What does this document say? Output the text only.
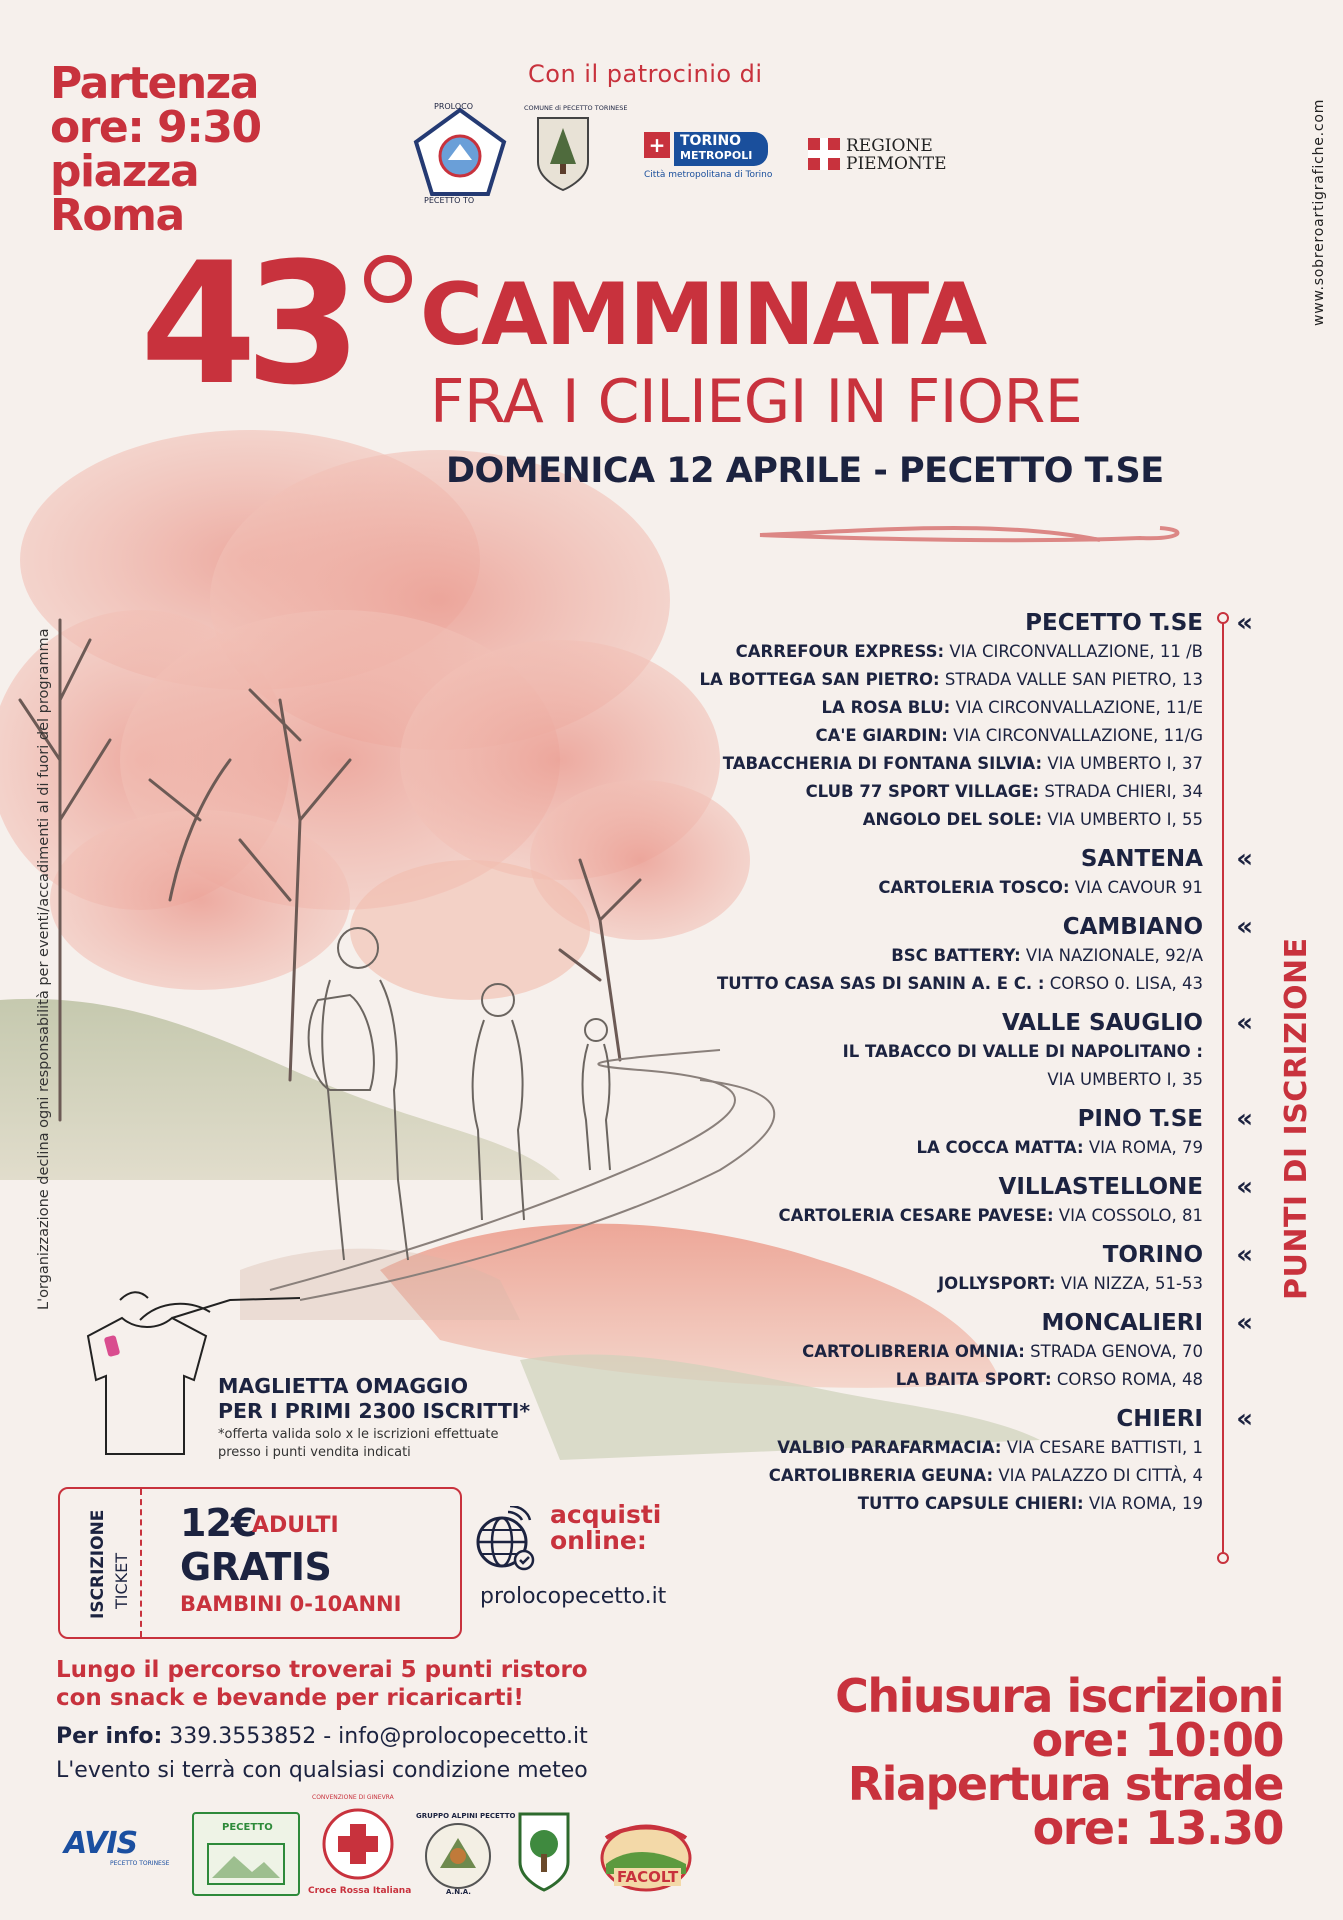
Partenza
ore: 9:30
piazza
Roma
Con il patrocinio di
PROLOCO
PECETTO TO
COMUNE di PECETTO TORINESE
+	TORINO
METROPOLI
Città metropolitana di Torino
REGIONE
PIEMONTE	www.sobreroartigrafiche.com
L'organizzazione declina ogni responsabilità per eventi/accadimenti al di fuori del programma
43 CAMMINATA
FRA I CILIEGI IN FIORE
DOMENICA 12 APRILE - PECETTO T.SE
PUNTI DI ISCRIZIONE
PECETTO T.SE «
CARREFOUR EXPRESS: VIA CIRCONVALLAZIONE, 11 /B
LA BOTTEGA SAN PIETRO: STRADA VALLE SAN PIETRO, 13
LA ROSA BLU: VIA CIRCONVALLAZIONE, 11/E
CA'E GIARDIN: VIA CIRCONVALLAZIONE, 11/G
TABACCHERIA DI FONTANA SILVIA: VIA UMBERTO I, 37
CLUB 77 SPORT VILLAGE: STRADA CHIERI, 34
ANGOLO DEL SOLE: VIA UMBERTO I, 55
SANTENA «
CARTOLERIA TOSCO: VIA CAVOUR 91
CAMBIANO «
BSC BATTERY: VIA NAZIONALE, 92/A
TUTTO CASA SAS DI SANIN A. E C. : CORSO 0. LISA, 43
VALLE SAUGLIO «
IL TABACCO DI VALLE DI NAPOLITANO :
VIA UMBERTO I, 35
PINO T.SE «
LA COCCA MATTA: VIA ROMA, 79
VILLASTELLONE «
CARTOLERIA CESARE PAVESE: VIA COSSOLO, 81
TORINO «
JOLLYSPORT: VIA NIZZA, 51-53
MONCALIERI «
CARTOLIBRERIA OMNIA: STRADA GENOVA, 70
LA BAITA SPORT: CORSO ROMA, 48
CHIERI «
VALBIO PARAFARMACIA: VIA CESARE BATTISTI, 1
CARTOLIBRERIA GEUNA: VIA PALAZZO DI CITTÀ, 4
TUTTO CAPSULE CHIERI: VIA ROMA, 19
MAGLIETTA OMAGGIO
PER I PRIMI 2300 ISCRITTI*
*offerta valida solo x le iscrizioni effettuate
presso i punti vendita indicati
ISCRIZIONE TICKET
12€
ADULTI
GRATIS
BAMBINI 0-10ANNI
acquisti
online:
prolocopecetto.it
Lungo il percorso troverai 5 punti ristoro
con snack e bevande per ricaricarti!
Per info: 339.3553852 - info@prolocopecetto.it
L'evento si terrà con qualsiasi condizione meteo
Chiusura iscrizioni
ore: 10:00
Riapertura strade
ore: 13.30
AVIS
PECETTO TORINESE
PECETTO
CONVENZIONE DI GINEVRA
Croce Rossa Italiana
GRUPPO ALPINI PECETTO
A.N.A.
FACOLT
